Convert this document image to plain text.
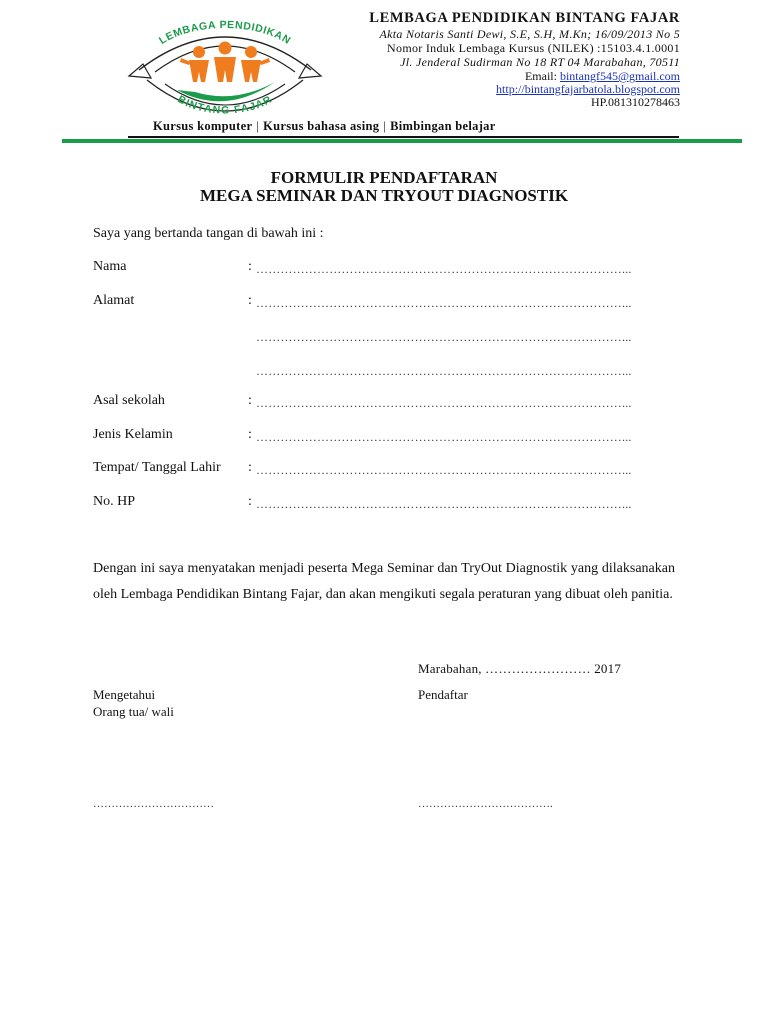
LEMBAGA PENDIDIKAN
BINTANG FAJAR
LEMBAGA PENDIDIKAN BINTANG FAJAR
Akta Notaris Santi Dewi, S.E, S.H, M.Kn; 16/09/2013 No 5
Nomor Induk Lembaga Kursus (NILEK) :15103.4.1.0001
Jl. Jenderal Sudirman No 18 RT 04 Marabahan, 70511
Email: bintangf545@gmail.com
http://bintangfajarbatola.blogspot.com
HP.081310278463
Kursus komputer | Kursus bahasa asing | Bimbingan belajar
FORMULIR PENDAFTARAN
MEGA SEMINAR DAN TRYOUT DIAGNOSTIK
Saya yang bertanda tangan di bawah ini :
Nama	: ………………………………………………………………………………...
Alamat	: ………………………………………………………………………………...
………………………………………………………………………………...
………………………………………………………………………………...
Asal sekolah	: ………………………………………………………………………………...
Jenis Kelamin	: ………………………………………………………………………………...
Tempat/ Tanggal Lahir : ………………………………………………………………………………...
No. HP	: ………………………………………………………………………………...
Dengan ini saya menyatakan menjadi peserta Mega Seminar dan TryOut Diagnostik yang dilaksanakan oleh Lembaga Pendidikan Bintang Fajar, dan akan mengikuti segala peraturan yang dibuat oleh panitia.
Marabahan, …………………… 2017
Mengetahui
Orang tua/ wali
Pendaftar
……………………………	……………………………….
